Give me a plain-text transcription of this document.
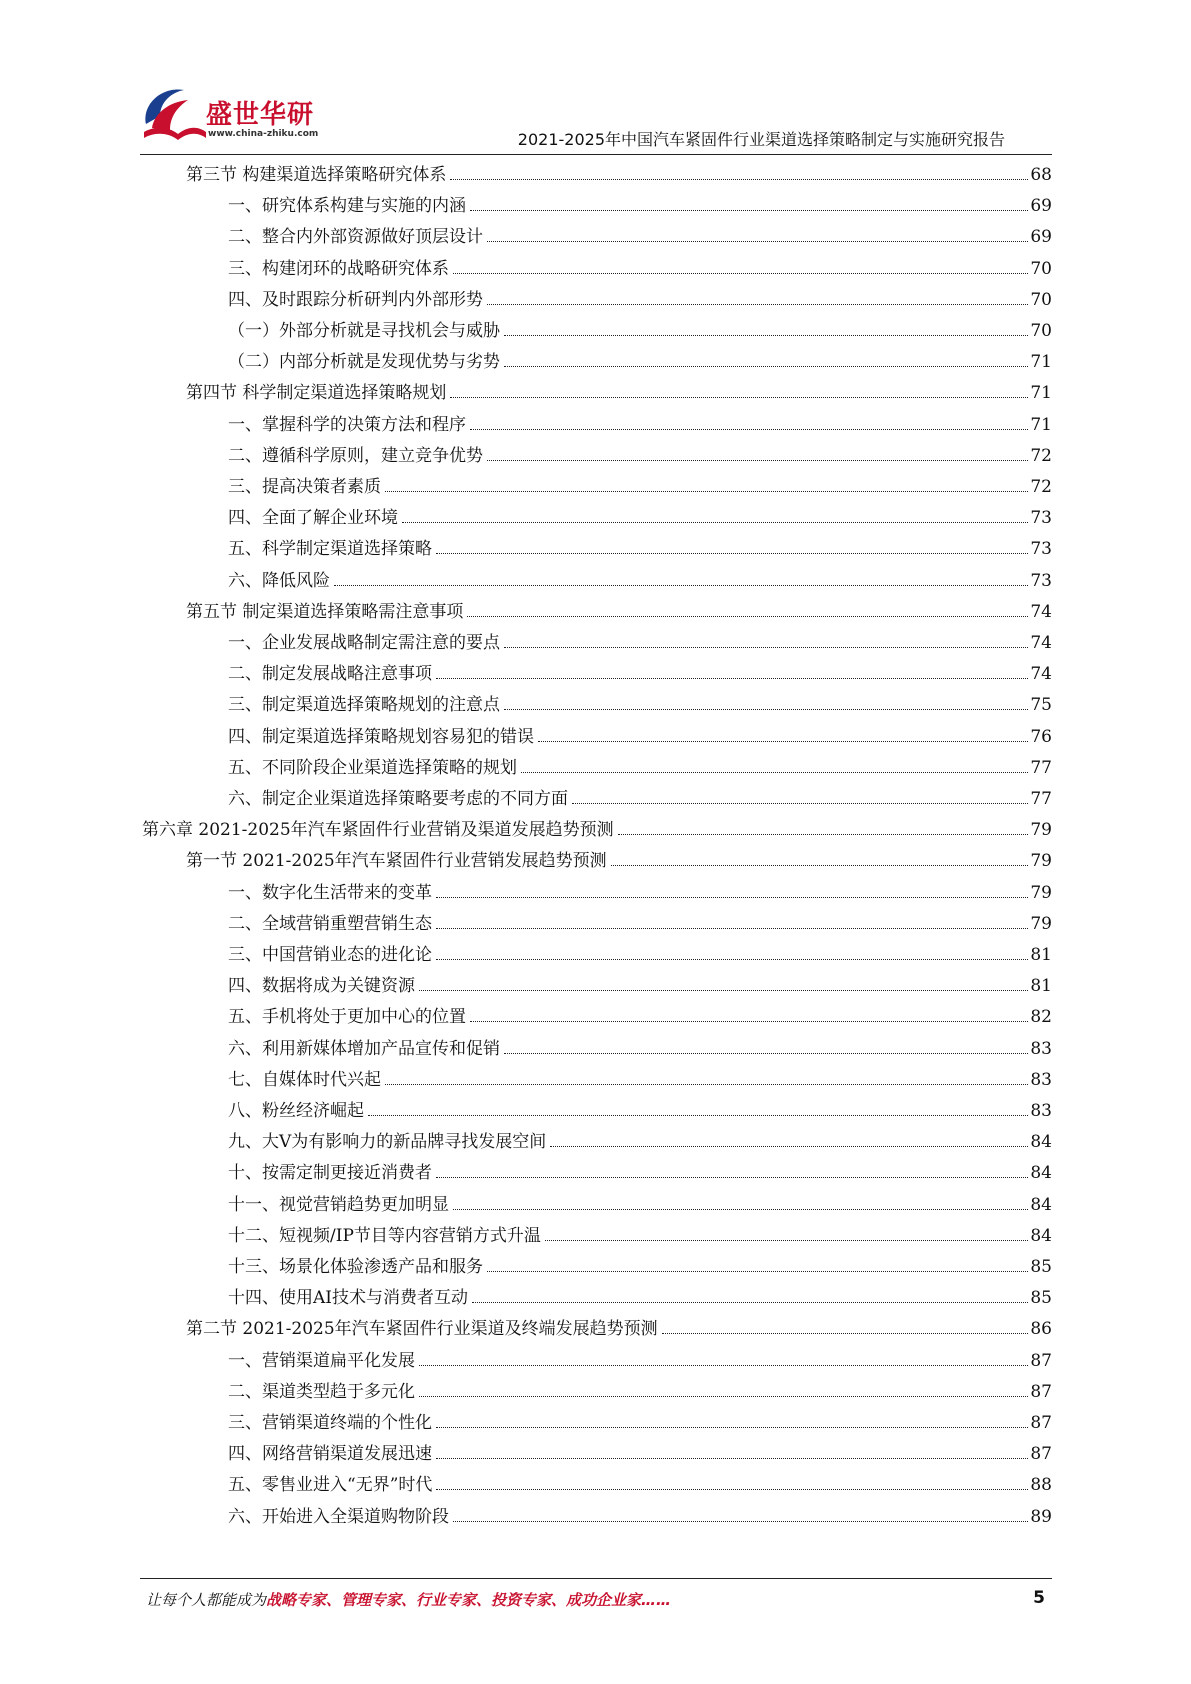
盛世华研
www.china-zhiku.com	2021-2025年中国汽车紧固件行业渠道选择策略制定与实施研究报告
第三节 构建渠道选择策略研究体系	68
一、研究体系构建与实施的内涵	69
二、整合内外部资源做好顶层设计	69
三、构建闭环的战略研究体系	70
四、及时跟踪分析研判内外部形势	70
（一）外部分析就是寻找机会与威胁	70
（二）内部分析就是发现优势与劣势	71
第四节 科学制定渠道选择策略规划	71
一、掌握科学的决策方法和程序	71
二、遵循科学原则，建立竞争优势	72
三、提高决策者素质	72
四、全面了解企业环境	73
五、科学制定渠道选择策略	73
六、降低风险	73
第五节 制定渠道选择策略需注意事项	74
一、企业发展战略制定需注意的要点	74
二、制定发展战略注意事项	74
三、制定渠道选择策略规划的注意点	75
四、制定渠道选择策略规划容易犯的错误	76
五、不同阶段企业渠道选择策略的规划	77
六、制定企业渠道选择策略要考虑的不同方面	77
第六章 2021-2025年汽车紧固件行业营销及渠道发展趋势预测	79
第一节 2021-2025年汽车紧固件行业营销发展趋势预测	79
一、数字化生活带来的变革	79
二、全域营销重塑营销生态	79
三、中国营销业态的进化论	81
四、数据将成为关键资源	81
五、手机将处于更加中心的位置	82
六、利用新媒体增加产品宣传和促销	83
七、自媒体时代兴起	83
八、粉丝经济崛起	83
九、大V为有影响力的新品牌寻找发展空间	84
十、按需定制更接近消费者	84
十一、视觉营销趋势更加明显	84
十二、短视频/IP节目等内容营销方式升温	84
十三、场景化体验渗透产品和服务	85
十四、使用AI技术与消费者互动	85
第二节 2021-2025年汽车紧固件行业渠道及终端发展趋势预测	86
一、营销渠道扁平化发展	87
二、渠道类型趋于多元化	87
三、营销渠道终端的个性化	87
四、网络营销渠道发展迅速	87
五、零售业进入“无界”时代	88
六、开始进入全渠道购物阶段	89
让每个人都能成为战略专家、管理专家、行业专家、投资专家、成功企业家……	5
